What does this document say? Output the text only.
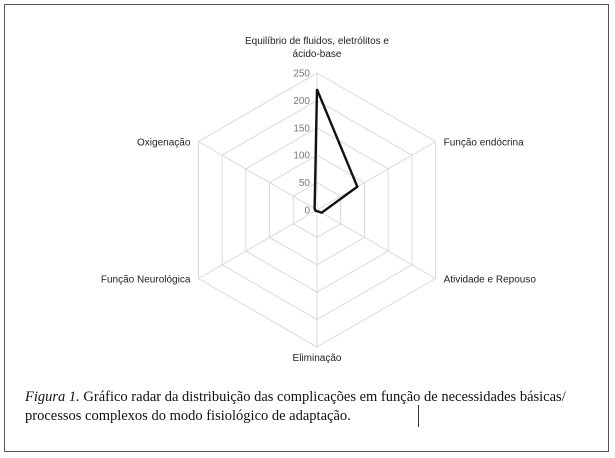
0
50
100
150
200
250
Equilíbrio de fluidos, eletrólitos e ácido-base
Função endócrina
Atividade e Repouso
Eliminação
Função Neurológica
Oxigenação
Figura 1. Gráfico radar da distribuição das complicações em função de necessidades básicas/ processos complexos do modo fisiológico de adaptação.
